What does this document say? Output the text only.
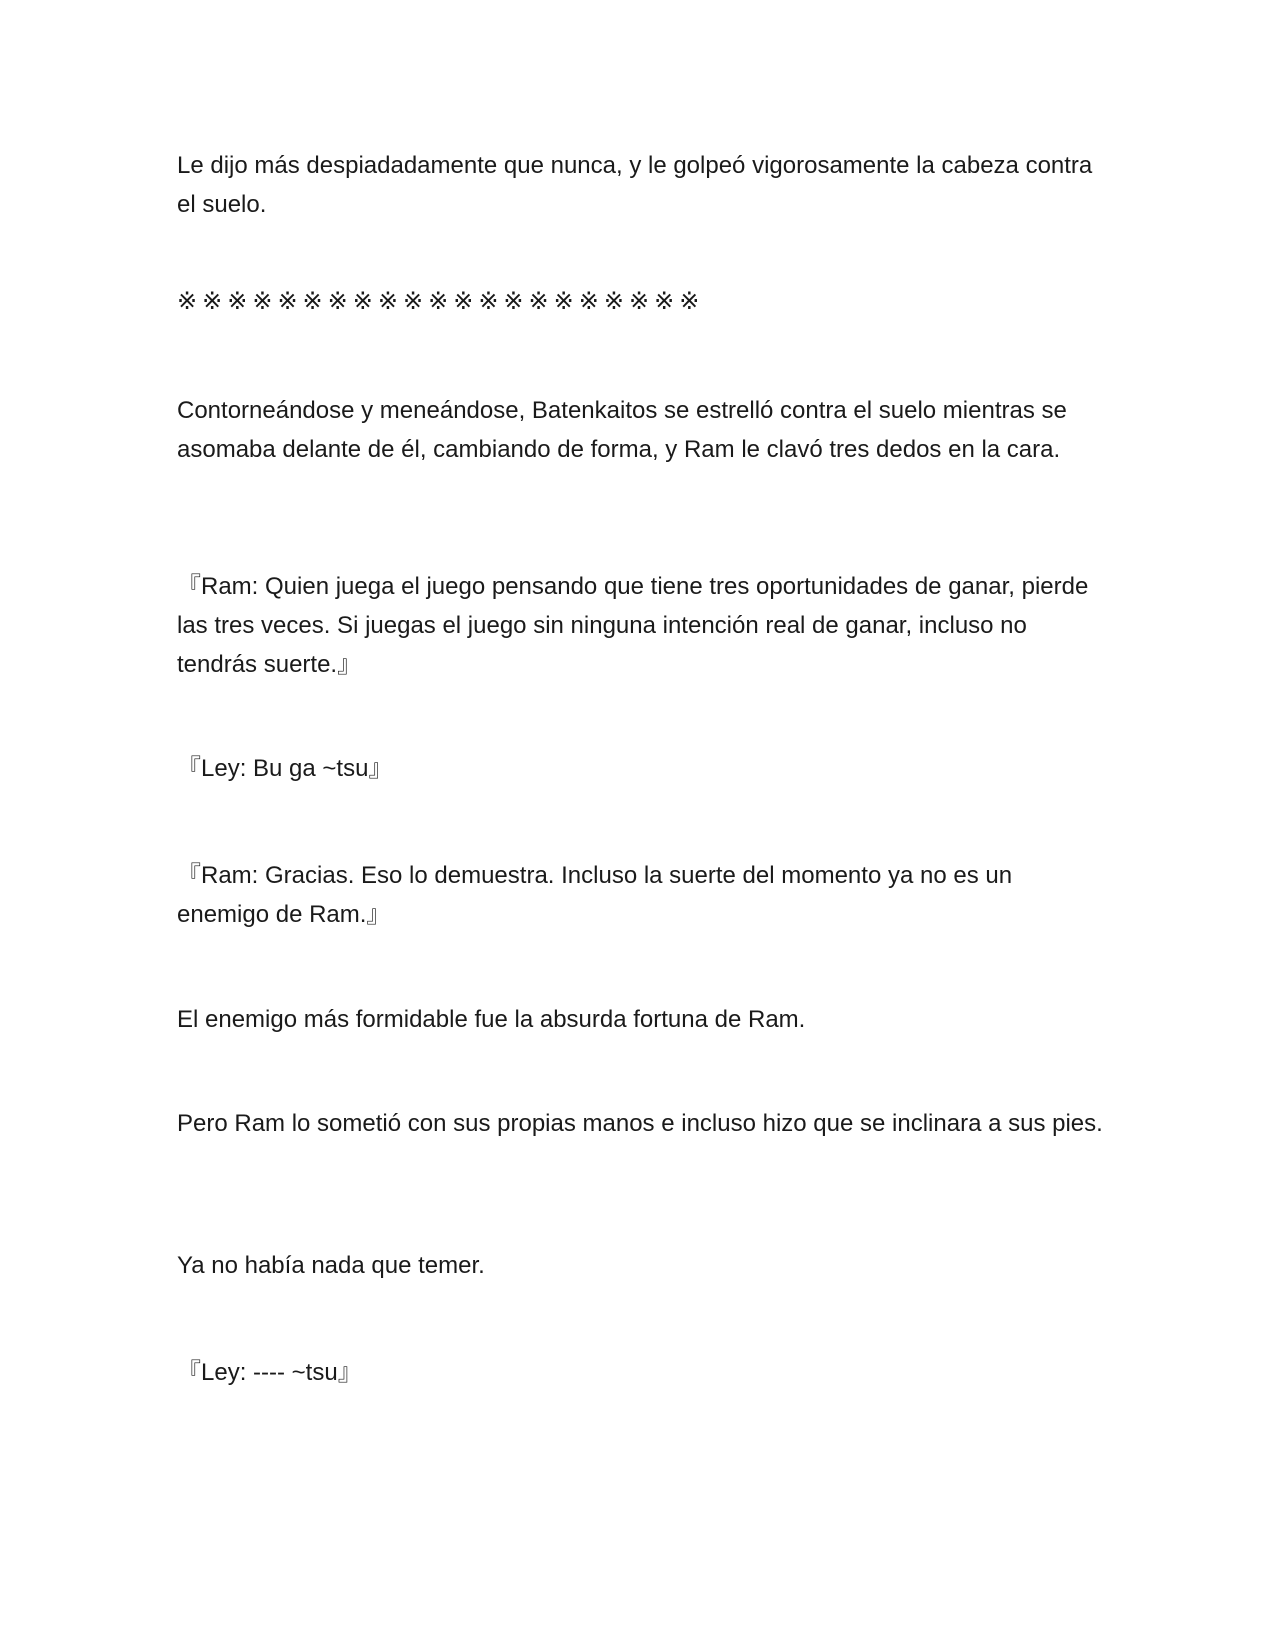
Le dijo más despiadadamente que nunca, y le golpeó vigorosamente la cabeza contra el suelo.

※※※※※※※※※※※※※※※※※※※※※

Contorneándose y meneándose, Batenkaitos se estrelló contra el suelo mientras se asomaba delante de él, cambiando de forma, y Ram le clavó tres dedos en la cara.

『Ram: Quien juega el juego pensando que tiene tres oportunidades de ganar, pierde las tres veces. Si juegas el juego sin ninguna intención real de ganar, incluso no tendrás suerte.』

『Ley: Bu ga ~tsu』

『Ram: Gracias. Eso lo demuestra. Incluso la suerte del momento ya no es un enemigo de Ram.』

El enemigo más formidable fue la absurda fortuna de Ram.

Pero Ram lo sometió con sus propias manos e incluso hizo que se inclinara a sus pies.

Ya no había nada que temer.

『Ley: ---- ~tsu』
